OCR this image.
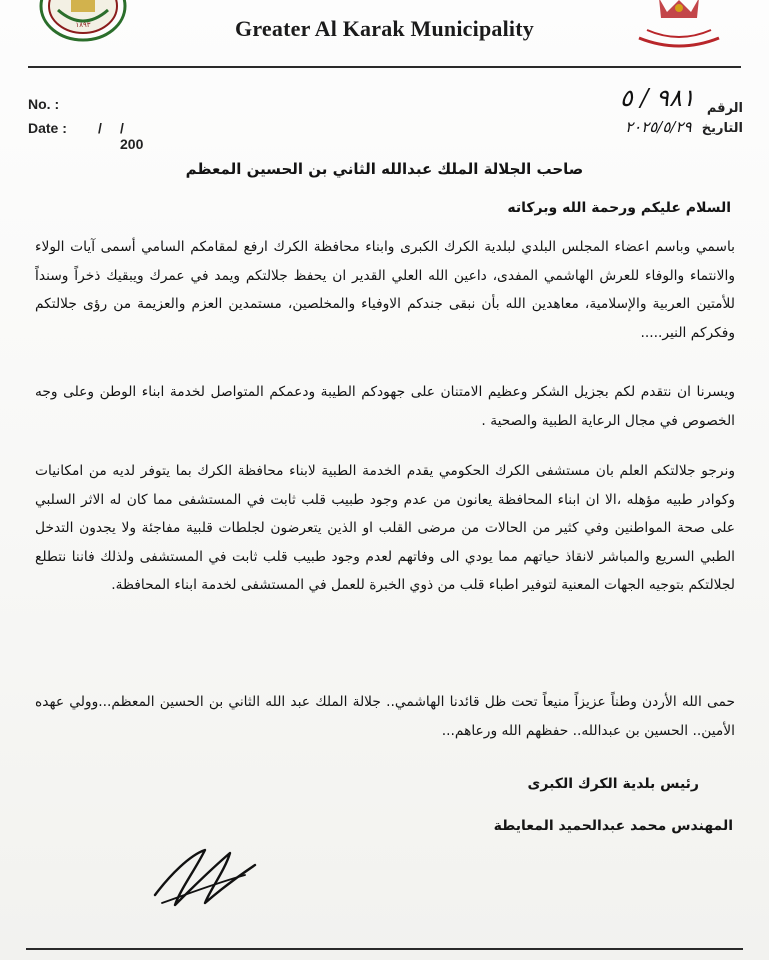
١٨٩٣	Greater Al Karak Municipality
No. :
Date : / / 200
الرقم ٩٨١ / ٥
التاريخ ٢٠٢٥/٥/٢٩
صاحب الجلالة الملك عبدالله الثاني بن الحسين المعظم
السلام عليكم ورحمة الله وبركاته
باسمي وباسم اعضاء المجلس البلدي لبلدية الكرك الكبرى وابناء محافظة الكرك ارفع لمقامكم السامي أسمى آيات الولاء والانتماء والوفاء للعرش الهاشمي المفدى، داعين الله العلي القدير ان يحفظ جلالتكم ويمد في عمرك ويبقيك ذخراً وسنداً للأمتين العربية والإسلامية، معاهدين الله بأن نبقى جندكم الاوفياء والمخلصين، مستمدين العزم والعزيمة من رؤى جلالتكم وفكركم النير.....
ويسرنا ان نتقدم لكم بجزيل الشكر وعظيم الامتنان على جهودكم الطيبة ودعمكم المتواصل لخدمة ابناء الوطن وعلى وجه الخصوص في مجال الرعاية الطبية والصحية .
ونرجو جلالتكم العلم بان مستشفى الكرك الحكومي يقدم الخدمة الطبية لابناء محافظة الكرك بما يتوفر لديه من امكانيات وكوادر طبيه مؤهله ،الا ان ابناء المحافظة يعانون من عدم وجود طبيب قلب ثابت في المستشفى مما كان له الاثر السلبي على صحة المواطنين وفي كثير من الحالات من مرضى القلب او الذين يتعرضون لجلطات قلبية مفاجئة ولا يجدون التدخل الطبي السريع والمباشر لانقاذ حياتهم مما يودي الى وفاتهم لعدم وجود طبيب قلب ثابت في المستشفى ولذلك فاننا نتطلع لجلالتكم بتوجيه الجهات المعنية لتوفير اطباء قلب من ذوي الخبرة للعمل في المستشفى لخدمة ابناء المحافظة.
حمى الله الأردن وطناً عزيزاً منيعاً تحت ظل قائدنا الهاشمي.. جلالة الملك عبد الله الثاني بن الحسين المعظم...وولي عهده الأمين.. الحسين بن عبدالله.. حفظهم الله ورعاهم...
رئيس بلدية الكرك الكبرى
المهندس محمد عبدالحميد المعايطة
